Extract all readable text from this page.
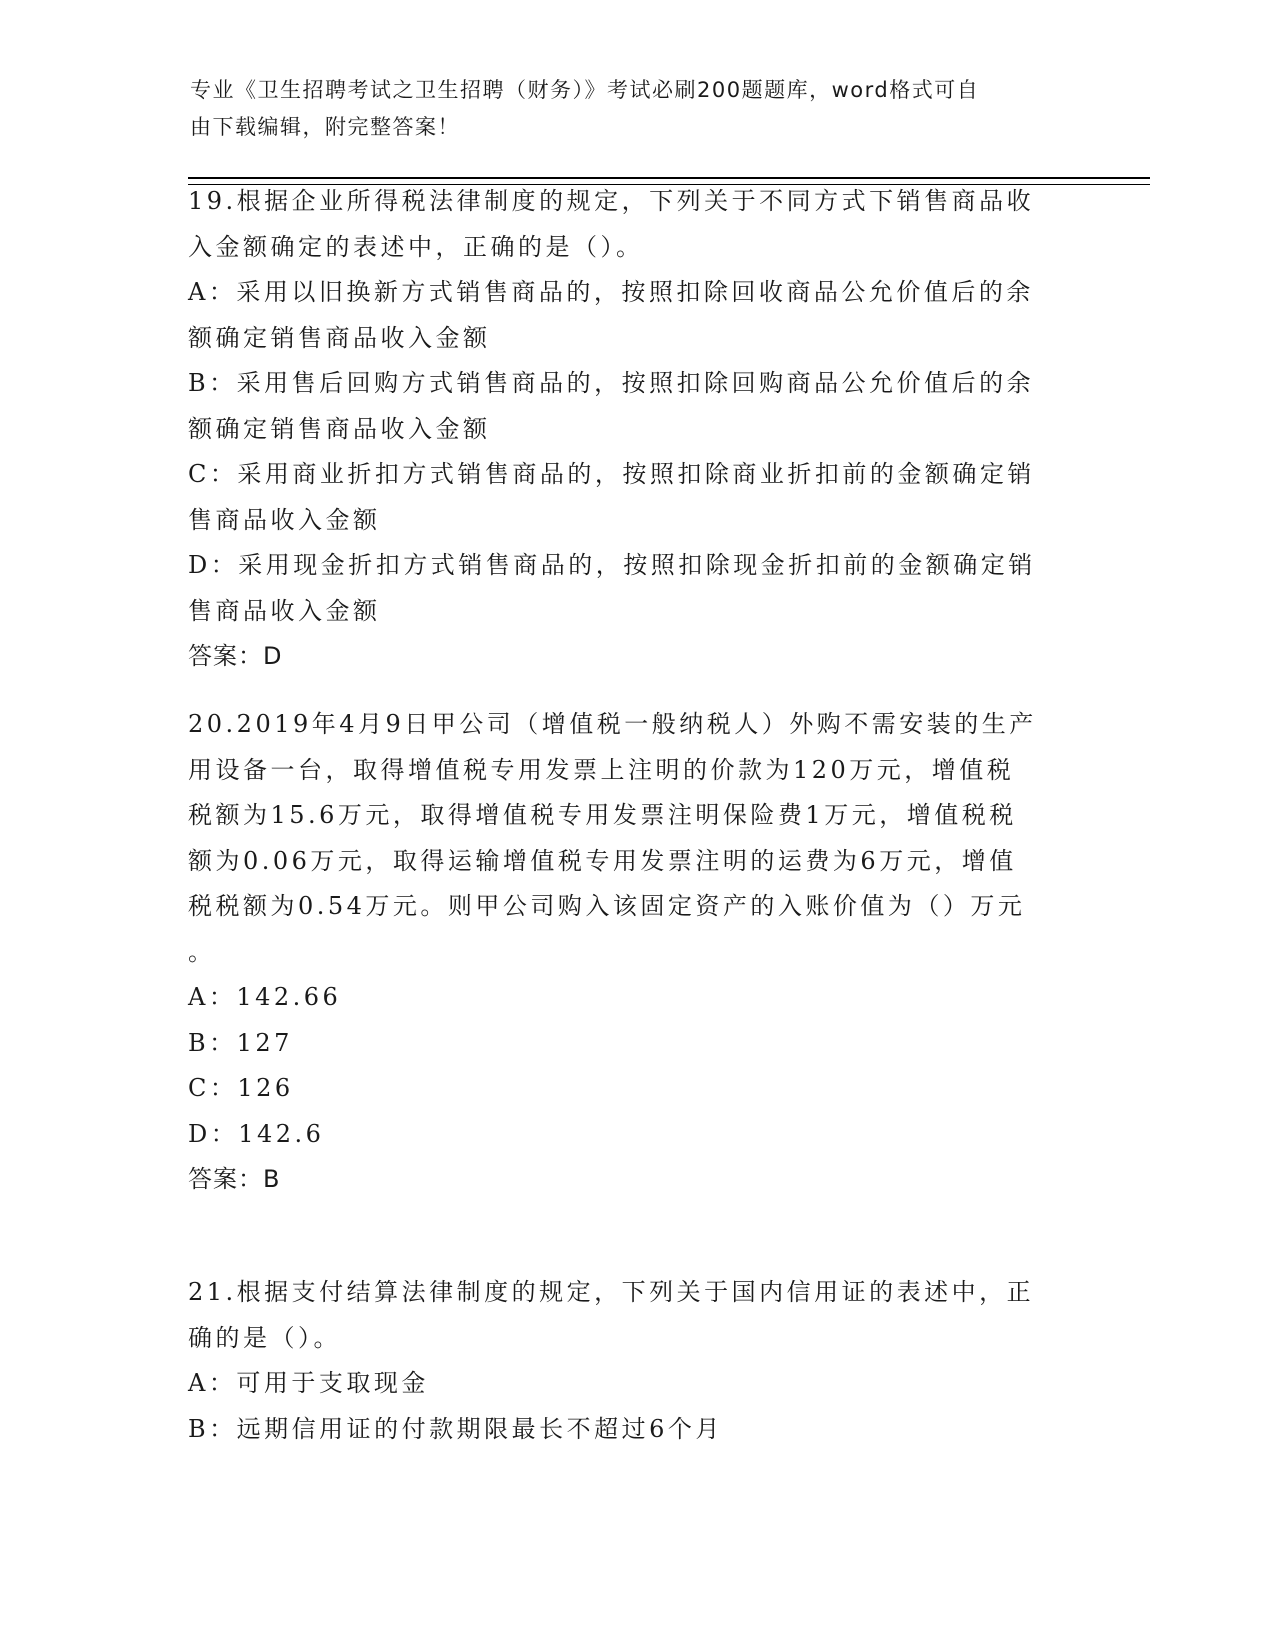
专业《卫生招聘考试之卫生招聘（财务）》考试必刷200题题库，word格式可自
由下载编辑，附完整答案！
19.根据企业所得税法律制度的规定，下列关于不同方式下销售商品收
入金额确定的表述中，正确的是（）。
A：采用以旧换新方式销售商品的，按照扣除回收商品公允价值后的余
额确定销售商品收入金额
B：采用售后回购方式销售商品的，按照扣除回购商品公允价值后的余
额确定销售商品收入金额
C：采用商业折扣方式销售商品的，按照扣除商业折扣前的金额确定销
售商品收入金额
D：采用现金折扣方式销售商品的，按照扣除现金折扣前的金额确定销
售商品收入金额
答案：D
20.2019年4月9日甲公司（增值税一般纳税人）外购不需安装的生产
用设备一台，取得增值税专用发票上注明的价款为120万元，增值税
税额为15.6万元，取得增值税专用发票注明保险费1万元，增值税税
额为0.06万元，取得运输增值税专用发票注明的运费为6万元，增值
税税额为0.54万元。则甲公司购入该固定资产的入账价值为（）万元
。
A：142.66
B：127
C：126
D：142.6
答案：B
21.根据支付结算法律制度的规定，下列关于国内信用证的表述中，正
确的是（）。
A：可用于支取现金
B：远期信用证的付款期限最长不超过6个月
